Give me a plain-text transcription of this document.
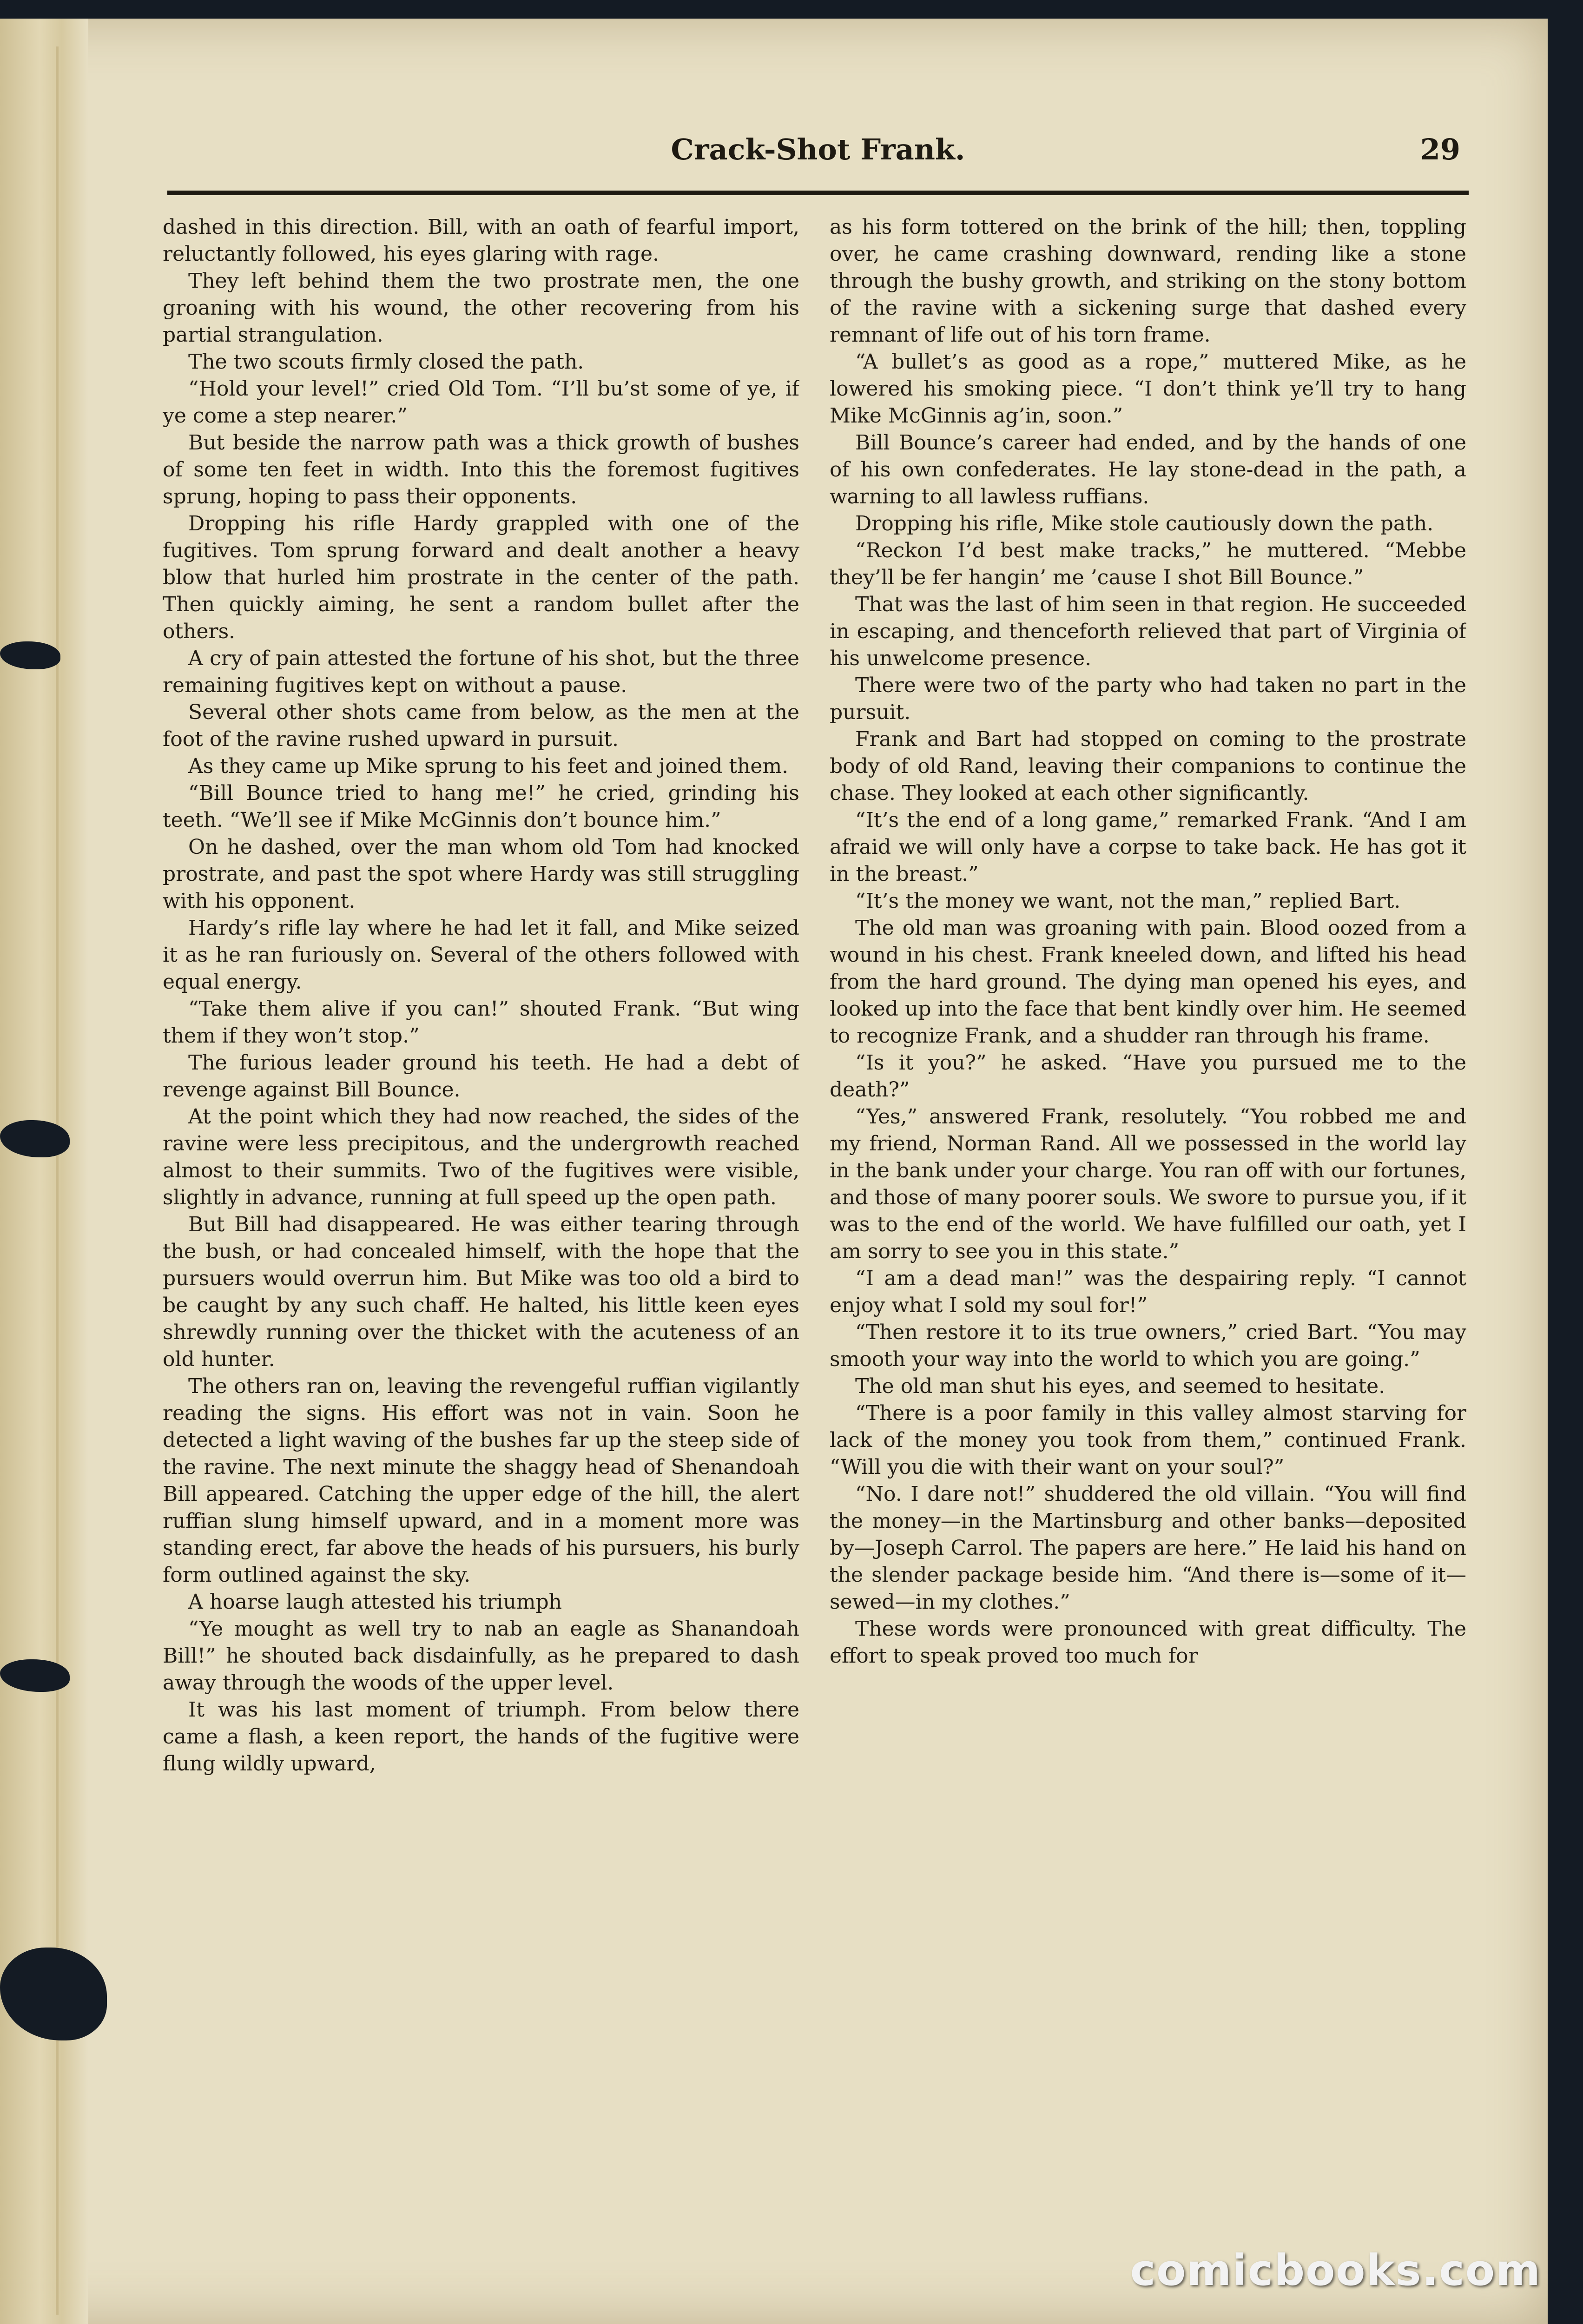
Crack-Shot Frank.	29

dashed in this direction. Bill, with an oath of fearful import, reluctantly followed, his eyes glaring with rage.

They left behind them the two prostrate men, the one groaning with his wound, the other recovering from his partial strangulation.

The two scouts firmly closed the path.

“Hold your level!” cried Old Tom. “I’ll bu’st some of ye, if ye come a step nearer.”

But beside the narrow path was a thick growth of bushes of some ten feet in width. Into this the foremost fugitives sprung, hoping to pass their opponents.

Dropping his rifle Hardy grappled with one of the fugitives. Tom sprung forward and dealt another a heavy blow that hurled him prostrate in the center of the path. Then quickly aiming, he sent a random bullet after the others.

A cry of pain attested the fortune of his shot, but the three remaining fugitives kept on without a pause.

Several other shots came from below, as the men at the foot of the ravine rushed upward in pursuit.

As they came up Mike sprung to his feet and joined them.

“Bill Bounce tried to hang me!” he cried, grinding his teeth. “We’ll see if Mike McGinnis don’t bounce him.”

On he dashed, over the man whom old Tom had knocked prostrate, and past the spot where Hardy was still struggling with his opponent.

Hardy’s rifle lay where he had let it fall, and Mike seized it as he ran furiously on. Several of the others followed with equal energy.

“Take them alive if you can!” shouted Frank. “But wing them if they won’t stop.”

The furious leader ground his teeth. He had a debt of revenge against Bill Bounce.

At the point which they had now reached, the sides of the ravine were less precipitous, and the undergrowth reached almost to their summits. Two of the fugitives were visible, slightly in advance, running at full speed up the open path.

But Bill had disappeared. He was either tearing through the bush, or had concealed himself, with the hope that the pursuers would overrun him. But Mike was too old a bird to be caught by any such chaff. He halted, his little keen eyes shrewdly running over the thicket with the acuteness of an old hunter.

The others ran on, leaving the revengeful ruffian vigilantly reading the signs. His effort was not in vain. Soon he detected a light waving of the bushes far up the steep side of the ravine. The next minute the shaggy head of Shenandoah Bill appeared. Catching the upper edge of the hill, the alert ruffian slung himself upward, and in a moment more was standing erect, far above the heads of his pursuers, his burly form outlined against the sky.

A hoarse laugh attested his triumph

“Ye mought as well try to nab an eagle as Shanandoah Bill!” he shouted back disdainfully, as he prepared to dash away through the woods of the upper level.

It was his last moment of triumph. From below there came a flash, a keen report, the hands of the fugitive were flung wildly upward,

as his form tottered on the brink of the hill; then, toppling over, he came crashing downward, rending like a stone through the bushy growth, and striking on the stony bottom of the ravine with a sickening surge that dashed every remnant of life out of his torn frame.

“A bullet’s as good as a rope,” muttered Mike, as he lowered his smoking piece. “I don’t think ye’ll try to hang Mike McGinnis ag’in, soon.”

Bill Bounce’s career had ended, and by the hands of one of his own confederates. He lay stone-dead in the path, a warning to all lawless ruffians.

Dropping his rifle, Mike stole cautiously down the path.

“Reckon I’d best make tracks,” he muttered. “Mebbe they’ll be fer hangin’ me ’cause I shot Bill Bounce.”

That was the last of him seen in that region. He succeeded in escaping, and thenceforth relieved that part of Virginia of his unwelcome presence.

There were two of the party who had taken no part in the pursuit.

Frank and Bart had stopped on coming to the prostrate body of old Rand, leaving their companions to continue the chase. They looked at each other significantly.

“It’s the end of a long game,” remarked Frank. “And I am afraid we will only have a corpse to take back. He has got it in the breast.”

“It’s the money we want, not the man,” replied Bart.

The old man was groaning with pain. Blood oozed from a wound in his chest. Frank kneeled down, and lifted his head from the hard ground. The dying man opened his eyes, and looked up into the face that bent kindly over him. He seemed to recognize Frank, and a shudder ran through his frame.

“Is it you?” he asked. “Have you pursued me to the death?”

“Yes,” answered Frank, resolutely. “You robbed me and my friend, Norman Rand. All we possessed in the world lay in the bank under your charge. You ran off with our fortunes, and those of many poorer souls. We swore to pursue you, if it was to the end of the world. We have fulfilled our oath, yet I am sorry to see you in this state.”

“I am a dead man!” was the despairing reply. “I cannot enjoy what I sold my soul for!”

“Then restore it to its true owners,” cried Bart. “You may smooth your way into the world to which you are going.”

The old man shut his eyes, and seemed to hesitate.

“There is a poor family in this valley almost starving for lack of the money you took from them,” continued Frank. “Will you die with their want on your soul?”

“No. I dare not!” shuddered the old villain. “You will find the money—in the Martinsburg and other banks—deposited by—Joseph Carrol. The papers are here.” He laid his hand on the slender package beside him. “And there is—some of it—sewed—in my clothes.”

These words were pronounced with great difficulty. The effort to speak proved too much for

comicbooks.com
